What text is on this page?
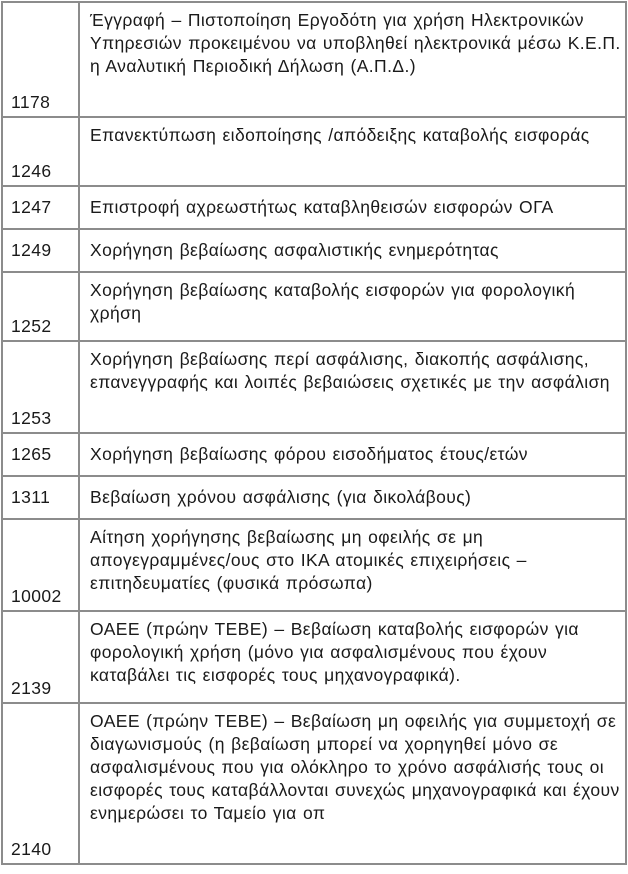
1178	Έγγραφή – Πιστοποίηση Εργοδότη για χρήση Ηλεκτρονικών Υπηρεσιών προκειμένου να υποβληθεί ηλεκτρονικά μέσω Κ.Ε.Π. η Αναλυτική Περιοδική Δήλωση (Α.Π.Δ.)
1246	Επανεκτύπωση ειδοποίησης /απόδειξης καταβολής εισφοράς
1247	Επιστροφή αχρεωστήτως καταβληθεισών εισφορών ΟΓΑ
1249	Χορήγηση βεβαίωσης ασφαλιστικής ενημερότητας
1252	Χορήγηση βεβαίωσης καταβολής εισφορών για φορολογική χρήση
1253	Χορήγηση βεβαίωσης περί ασφάλισης, διακοπής ασφάλισης, επανεγγραφής και λοιπές βεβαιώσεις σχετικές με την ασφάλιση
1265	Χορήγηση βεβαίωσης φόρου εισοδήματος έτους/ετών
1311	Βεβαίωση χρόνου ασφάλισης (για δικολάβους)
10002	Αίτηση χορήγησης βεβαίωσης μη οφειλής σε μη απογεγραμμένες/ους στο ΙΚΑ ατομικές επιχειρήσεις – επιτηδευματίες (φυσικά πρόσωπα)
2139	ΟΑΕΕ (πρώην ΤΕΒΕ) – Βεβαίωση καταβολής εισφορών για φορολογική χρήση (μόνο για ασφαλισμένους που έχουν καταβάλει τις εισφορές τους μηχανογραφικά).
2140	ΟΑΕΕ (πρώην ΤΕΒΕ) – Βεβαίωση μη οφειλής για συμμετοχή σε διαγωνισμούς (η βεβαίωση μπορεί να χορηγηθεί μόνο σε ασφαλισμένους που για ολόκληρο το χρόνο ασφάλισής τους οι εισφορές τους καταβάλλονται συνεχώς μηχανογραφικά και έχουν ενημερώσει το Ταμείο για οπ
